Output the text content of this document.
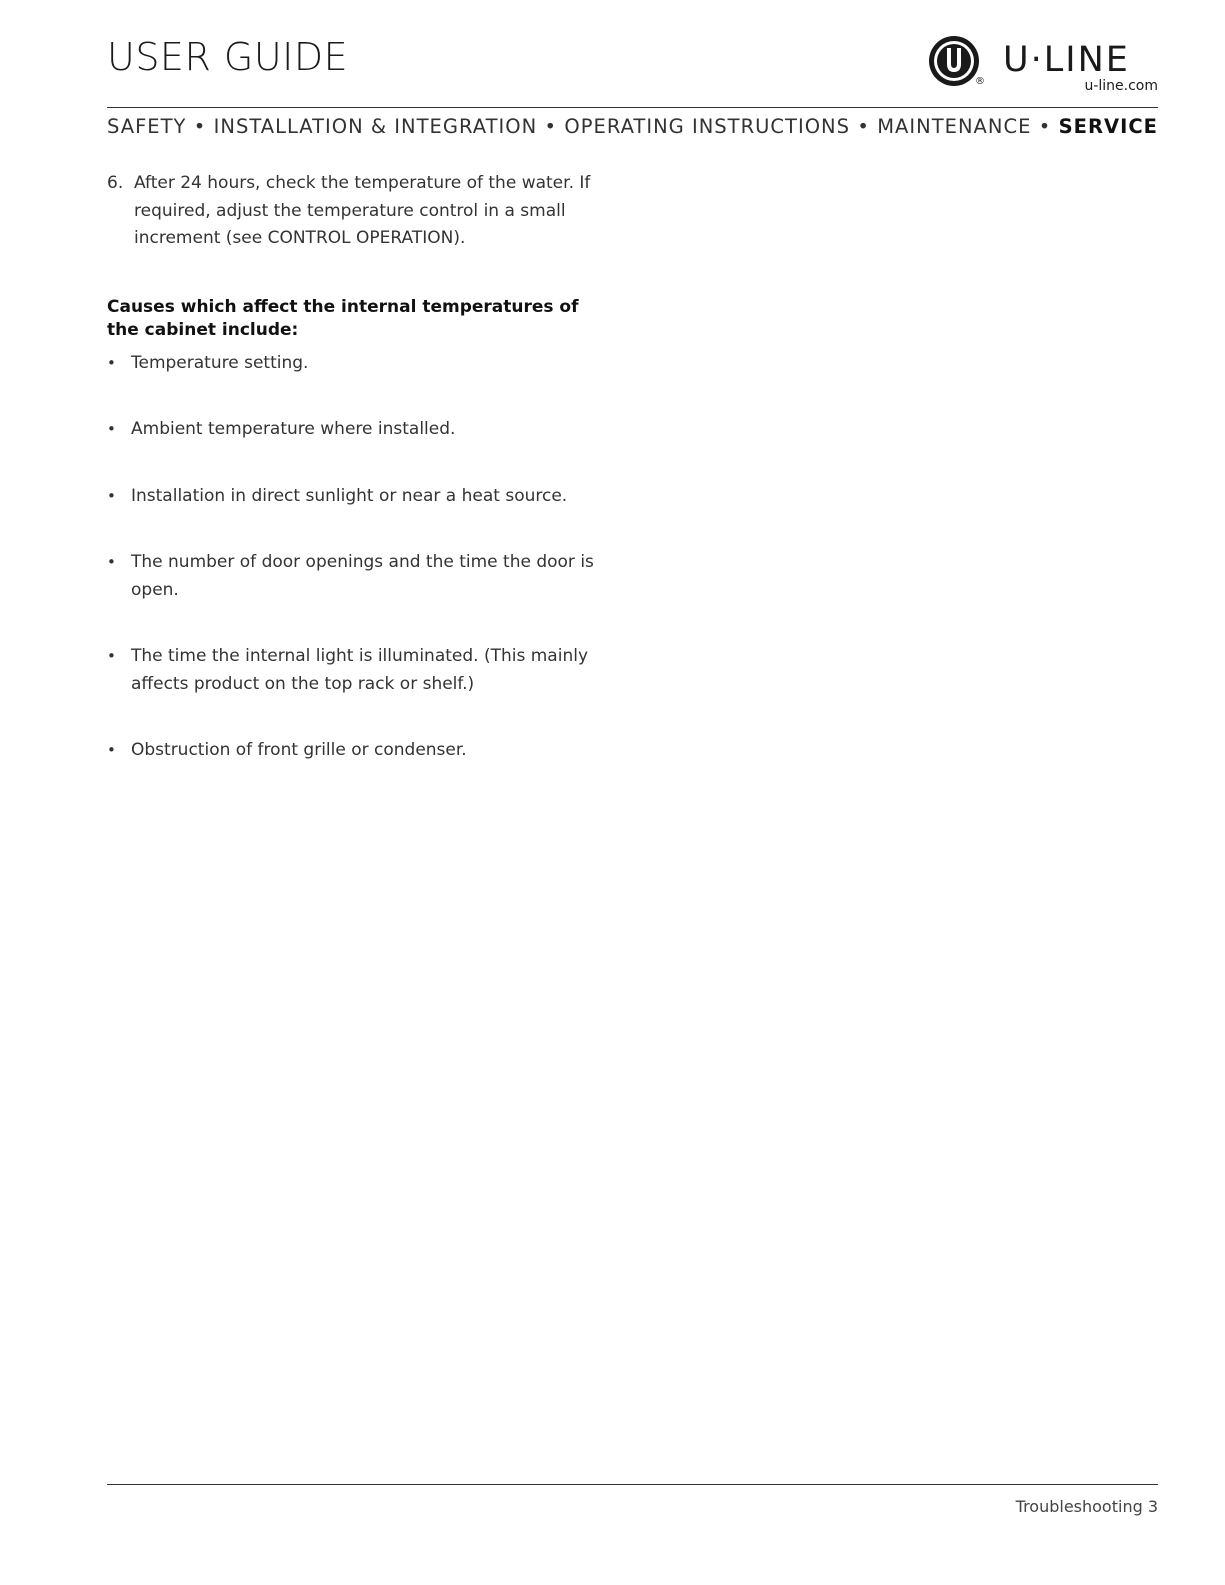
USER GUIDE
®
U·LINE
u-line.com
SAFETY • INSTALLATION & INTEGRATION • OPERATING INSTRUCTIONS • MAINTENANCE • SERVICE

6. After 24 hours, check the temperature of the water. If required, adjust the temperature control in a small increment (see CONTROL OPERATION).

Causes which affect the internal temperatures of the cabinet include:
• Temperature setting.
• Ambient temperature where installed.
• Installation in direct sunlight or near a heat source.
• The number of door openings and the time the door is open.
• The time the internal light is illuminated. (This mainly affects product on the top rack or shelf.)
• Obstruction of front grille or condenser.
Troubleshooting 3
